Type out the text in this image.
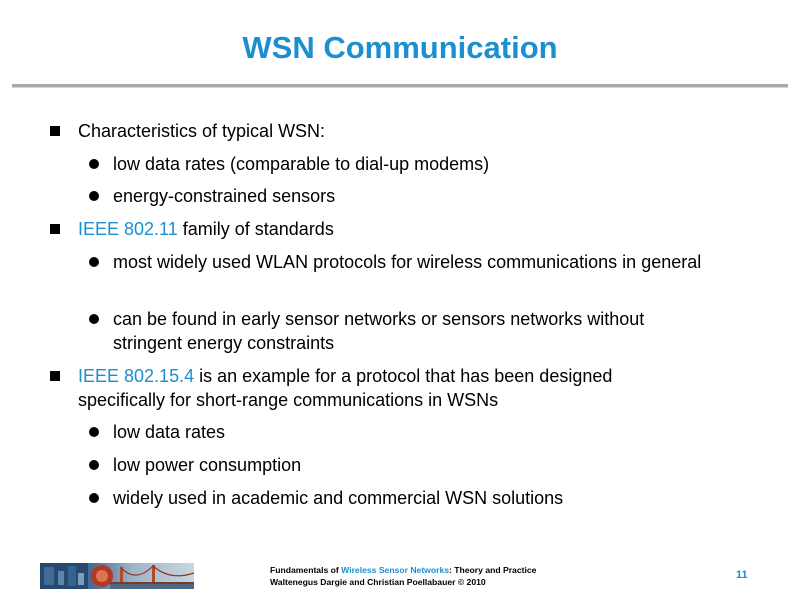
WSN Communication
Characteristics of typical WSN:
low data rates (comparable to dial-up modems)
energy-constrained sensors
IEEE 802.11 family of standards
most widely used WLAN protocols for wireless communications in general
can be found in early sensor networks or sensors networks without stringent energy constraints
IEEE 802.15.4 is an example for a protocol that has been designed specifically for short-range communications in WSNs
low data rates
low power consumption
widely used in academic and commercial WSN solutions
Fundamentals of Wireless Sensor Networks: Theory and Practice
Waltenegus Dargie and Christian Poellabauer © 2010
11
